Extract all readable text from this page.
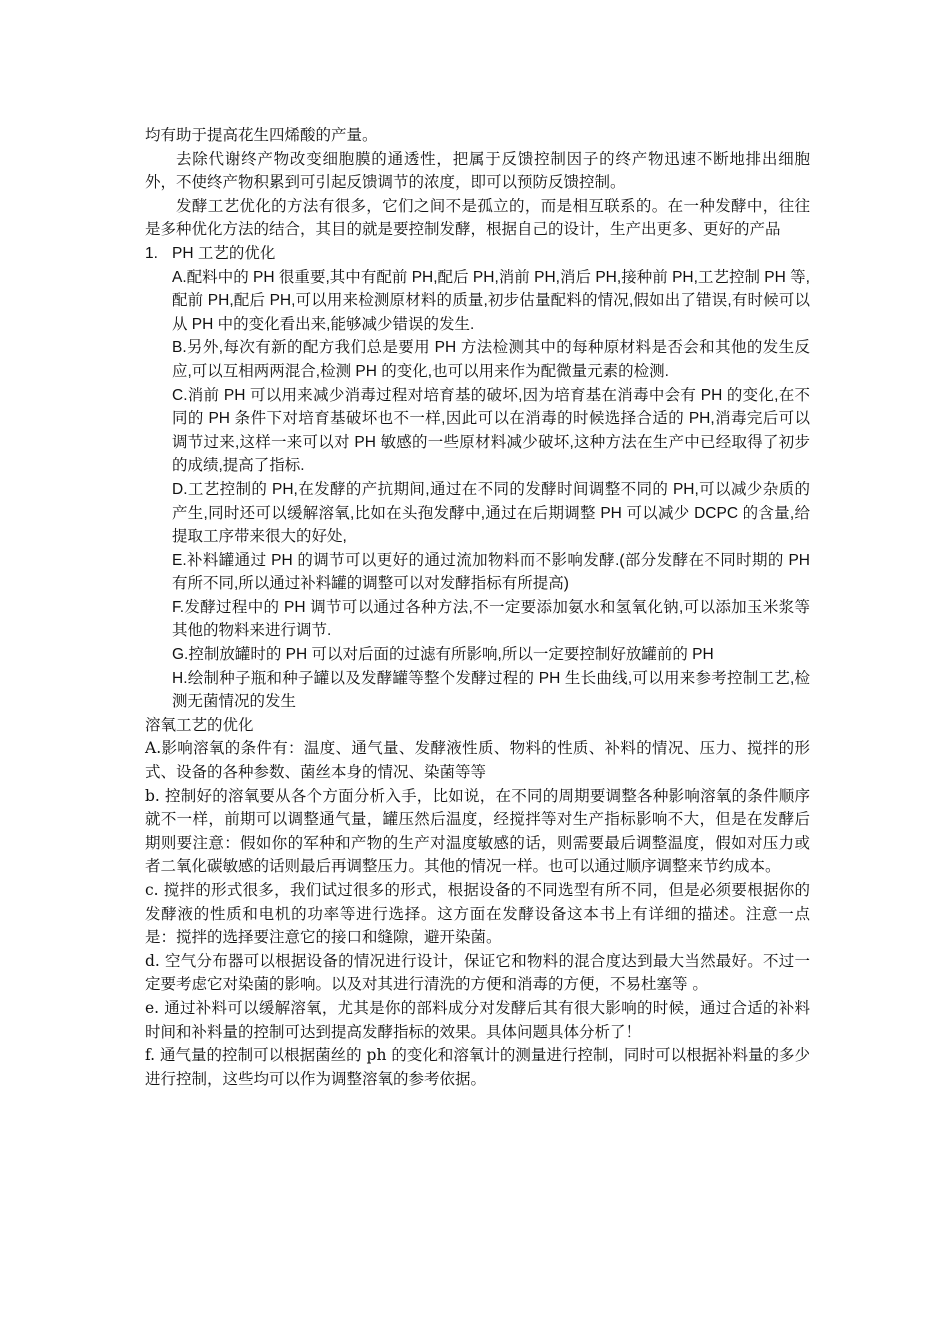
均有助于提高花生四烯酸的产量。

去除代谢终产物改变细胞膜的通透性，把属于反馈控制因子的终产物迅速不断地排出细胞外，不使终产物积累到可引起反馈调节的浓度，即可以预防反馈控制。

发酵工艺优化的方法有很多，它们之间不是孤立的，而是相互联系的。在一种发酵中，往往是多种优化方法的结合，其目的就是要控制发酵，根据自己的设计，生产出更多、更好的产品

1. PH 工艺的优化

A.配料中的 PH 很重要,其中有配前 PH,配后 PH,消前 PH,消后 PH,接种前 PH,工艺控制 PH 等,配前 PH,配后 PH,可以用来检测原材料的质量,初步估量配料的情况,假如出了错误,有时候可以从 PH 中的变化看出来,能够减少错误的发生.

B.另外,每次有新的配方我们总是要用 PH 方法检测其中的每种原材料是否会和其他的发生反应,可以互相两两混合,检测 PH 的变化,也可以用来作为配微量元素的检测.

C.消前 PH 可以用来减少消毒过程对培育基的破坏,因为培育基在消毒中会有 PH 的变化,在不同的 PH 条件下对培育基破坏也不一样,因此可以在消毒的时候选择合适的 PH,消毒完后可以调节过来,这样一来可以对 PH 敏感的一些原材料减少破坏,这种方法在生产中已经取得了初步的成绩,提高了指标.

D.工艺控制的 PH,在发酵的产抗期间,通过在不同的发酵时间调整不同的 PH,可以减少杂质的产生,同时还可以缓解溶氧,比如在头孢发酵中,通过在后期调整 PH 可以减少 DCPC 的含量,给提取工序带来很大的好处,

E.补料罐通过 PH 的调节可以更好的通过流加物料而不影响发酵.(部分发酵在不同时期的 PH 有所不同,所以通过补料罐的调整可以对发酵指标有所提高)

F.发酵过程中的 PH 调节可以通过各种方法,不一定要添加氨水和氢氧化钠,可以添加玉米浆等其他的物料来进行调节.

G.控制放罐时的 PH 可以对后面的过滤有所影响,所以一定要控制好放罐前的 PH

H.绘制种子瓶和种子罐以及发酵罐等整个发酵过程的 PH 生长曲线,可以用来参考控制工艺,检测无菌情况的发生

溶氧工艺的优化

A.影响溶氧的条件有：温度、通气量、发酵液性质、物料的性质、补料的情况、压力、搅拌的形式、设备的各种参数、菌丝本身的情况、染菌等等

b. 控制好的溶氧要从各个方面分析入手，比如说，在不同的周期要调整各种影响溶氧的条件顺序就不一样，前期可以调整通气量，罐压然后温度，经搅拌等对生产指标影响不大，但是在发酵后期则要注意：假如你的军种和产物的生产对温度敏感的话，则需要最后调整温度，假如对压力或者二氧化碳敏感的话则最后再调整压力。其他的情况一样。也可以通过顺序调整来节约成本。

c. 搅拌的形式很多，我们试过很多的形式，根据设备的不同选型有所不同，但是必须要根据你的发酵液的性质和电机的功率等进行选择。这方面在发酵设备这本书上有详细的描述。注意一点是：搅拌的选择要注意它的接口和缝隙，避开染菌。

d. 空气分布器可以根据设备的情况进行设计，保证它和物料的混合度达到最大当然最好。不过一定要考虑它对染菌的影响。以及对其进行清洗的方便和消毒的方便，不易杜塞等 。

e. 通过补料可以缓解溶氧，尤其是你的部料成分对发酵后其有很大影响的时候，通过合适的补料时间和补料量的控制可达到提高发酵指标的效果。具体问题具体分析了！

f. 通气量的控制可以根据菌丝的 ph 的变化和溶氧计的测量进行控制，同时可以根据补料量的多少进行控制，这些均可以作为调整溶氧的参考依据。
